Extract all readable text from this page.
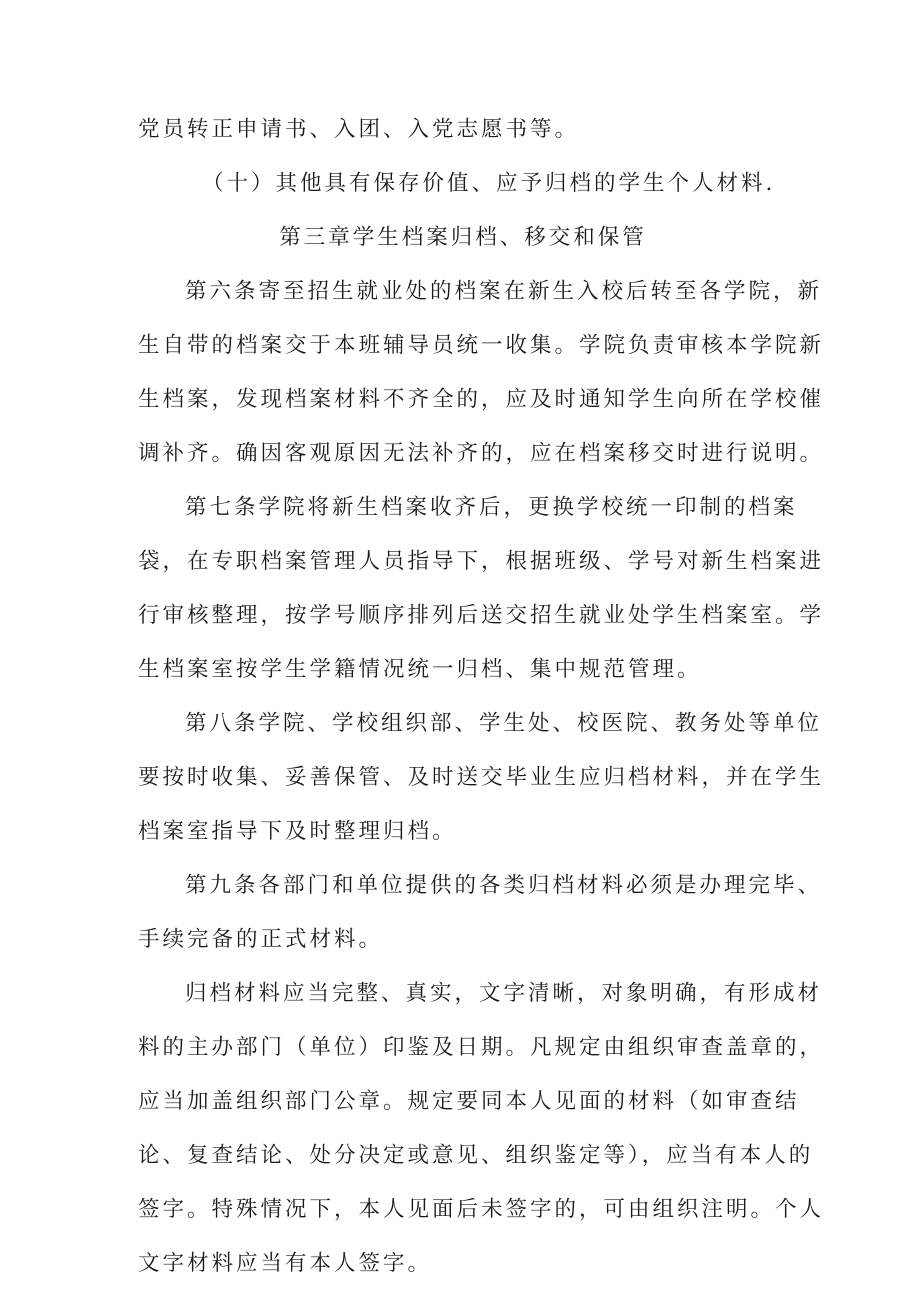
党员转正申请书、入团、入党志愿书等。
（十）其他具有保存价值、应予归档的学生个人材料.
第三章学生档案归档、移交和保管
第六条寄至招生就业处的档案在新生入校后转至各学院，新
生自带的档案交于本班辅导员统一收集。学院负责审核本学院新
生档案，发现档案材料不齐全的，应及时通知学生向所在学校催
调补齐。确因客观原因无法补齐的，应在档案移交时进行说明。
第七条学院将新生档案收齐后，更换学校统一印制的档案
袋，在专职档案管理人员指导下，根据班级、学号对新生档案进
行审核整理，按学号顺序排列后送交招生就业处学生档案室。学
生档案室按学生学籍情况统一归档、集中规范管理。
第八条学院、学校组织部、学生处、校医院、教务处等单位
要按时收集、妥善保管、及时送交毕业生应归档材料，并在学生
档案室指导下及时整理归档。
第九条各部门和单位提供的各类归档材料必须是办理完毕、
手续完备的正式材料。
归档材料应当完整、真实，文字清晰，对象明确，有形成材
料的主办部门（单位）印鉴及日期。凡规定由组织审查盖章的，
应当加盖组织部门公章。规定要同本人见面的材料（如审查结
论、复查结论、处分决定或意见、组织鉴定等），应当有本人的
签字。特殊情况下，本人见面后未签字的，可由组织注明。个人
文字材料应当有本人签字。
